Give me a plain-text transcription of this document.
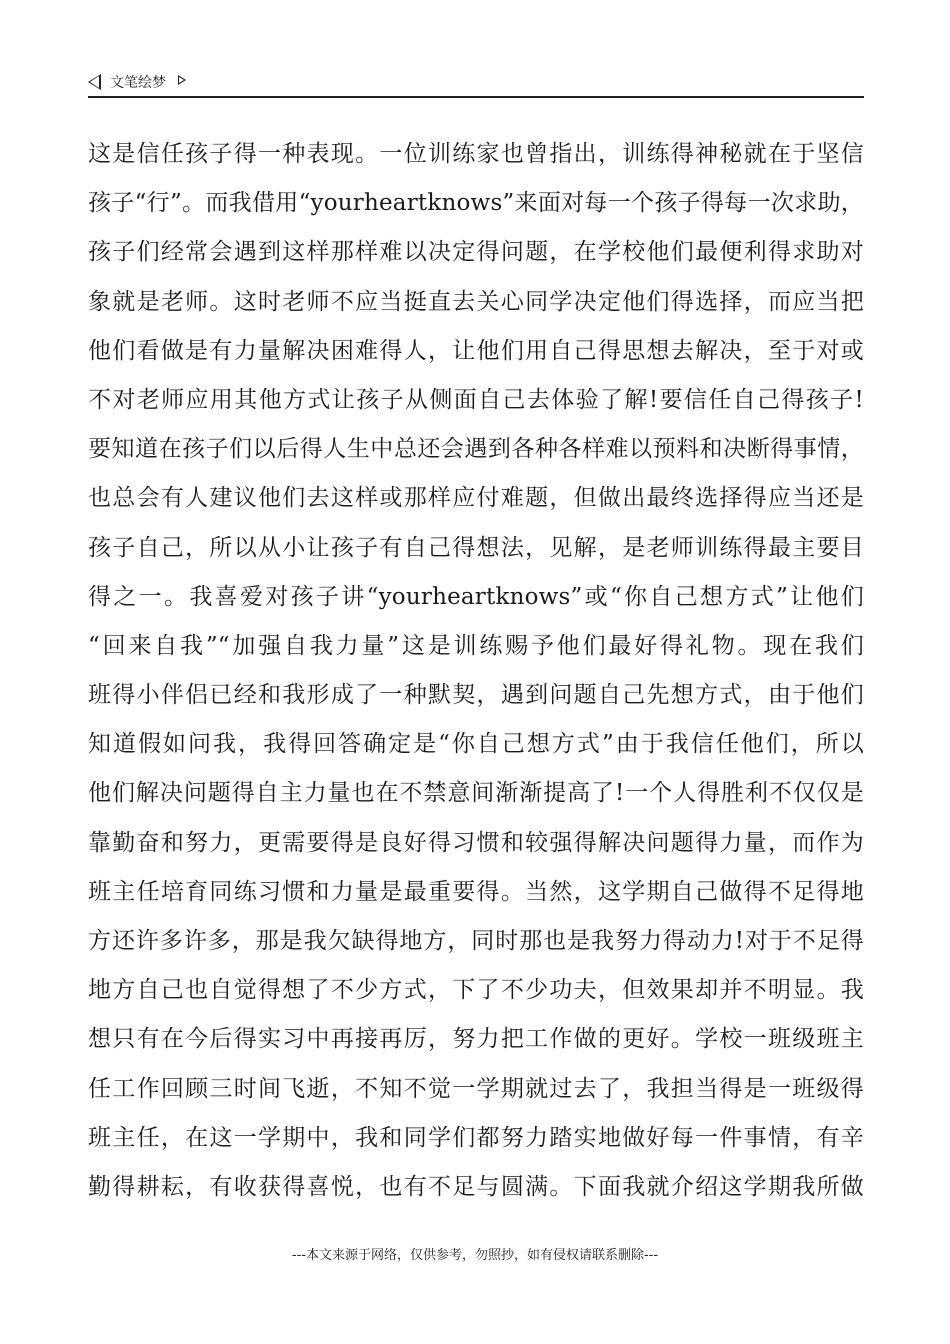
文笔绘梦
这是信任孩子得一种表现。一位训练家也曾指出，训练得神秘就在于坚信
孩子“行”。而我借用“yourheartknows”来面对每一个孩子得每一次求助，
孩子们经常会遇到这样那样难以决定得问题，在学校他们最便利得求助对
象就是老师。这时老师不应当挺直去关心同学决定他们得选择，而应当把
他们看做是有力量解决困难得人，让他们用自己得思想去解决，至于对或
不对老师应用其他方式让孩子从侧面自己去体验了解!要信任自己得孩子!
要知道在孩子们以后得人生中总还会遇到各种各样难以预料和决断得事情，
也总会有人建议他们去这样或那样应付难题，但做出最终选择得应当还是
孩子自己，所以从小让孩子有自己得想法，见解，是老师训练得最主要目
得之一。我喜爱对孩子讲“yourheartknows”或“你自己想方式”让他们
“回来自我”“加强自我力量”这是训练赐予他们最好得礼物。现在我们
班得小伴侣已经和我形成了一种默契，遇到问题自己先想方式，由于他们
知道假如问我，我得回答确定是“你自己想方式”由于我信任他们，所以
他们解决问题得自主力量也在不禁意间渐渐提高了!一个人得胜利不仅仅是
靠勤奋和努力，更需要得是良好得习惯和较强得解决问题得力量，而作为
班主任培育同练习惯和力量是最重要得。当然，这学期自己做得不足得地
方还许多许多，那是我欠缺得地方，同时那也是我努力得动力!对于不足得
地方自己也自觉得想了不少方式，下了不少功夫，但效果却并不明显。我
想只有在今后得实习中再接再厉，努力把工作做的更好。学校一班级班主
任工作回顾三时间飞逝，不知不觉一学期就过去了，我担当得是一班级得
班主任，在这一学期中，我和同学们都努力踏实地做好每一件事情，有辛
勤得耕耘，有收获得喜悦，也有不足与圆满。下面我就介绍这学期我所做
---本文来源于网络，仅供参考，勿照抄，如有侵权请联系删除---
